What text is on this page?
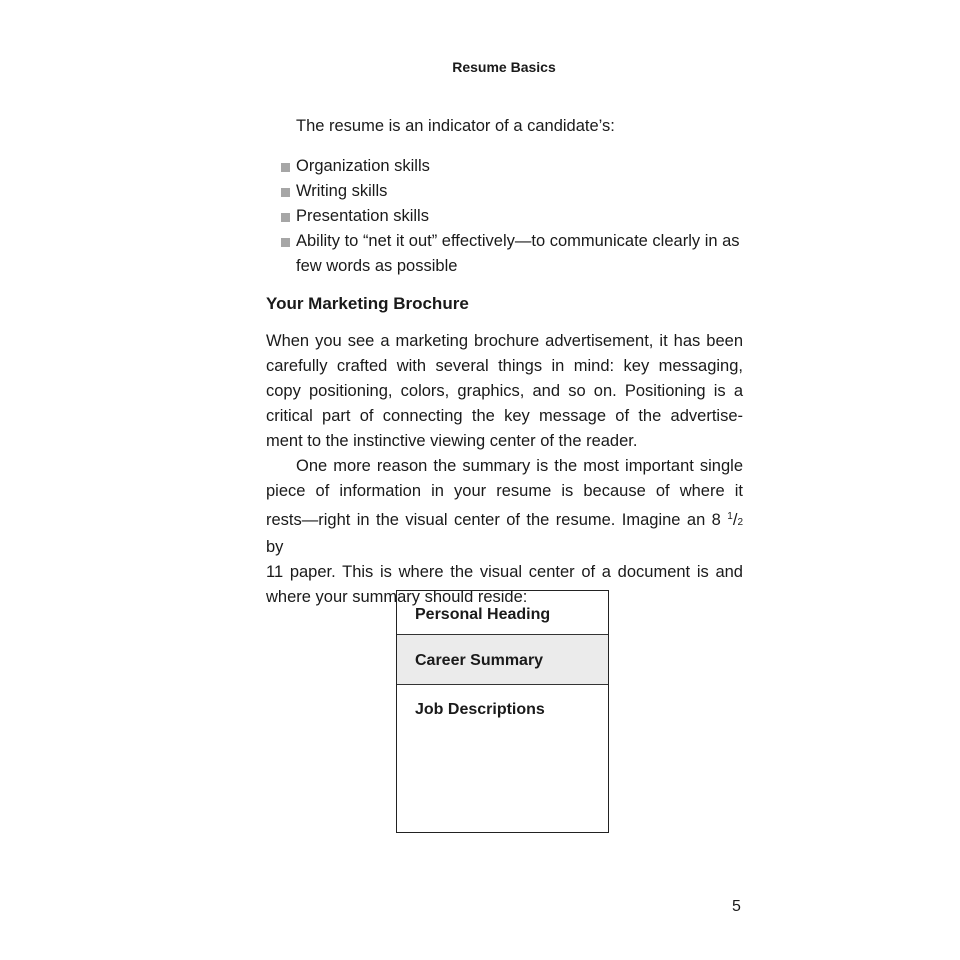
Resume Basics
The resume is an indicator of a candidate’s:
Organization skills
Writing skills
Presentation skills
Ability to “net it out” effectively—to communicate clearly in as few words as possible
Your Marketing Brochure
When you see a marketing brochure advertisement, it has been
carefully crafted with several things in mind: key messaging,
copy positioning, colors, graphics, and so on. Positioning is a
critical part of connecting the key message of the advertise-
ment to the instinctive viewing center of the reader.
One more reason the summary is the most important single
piece of information in your resume is because of where it
rests—right in the visual center of the resume. Imagine an 8 $^1$/2 by
11 paper. This is where the visual center of a document is and
where your summary should reside:
Personal Heading
Career Summary
Job Descriptions
5
